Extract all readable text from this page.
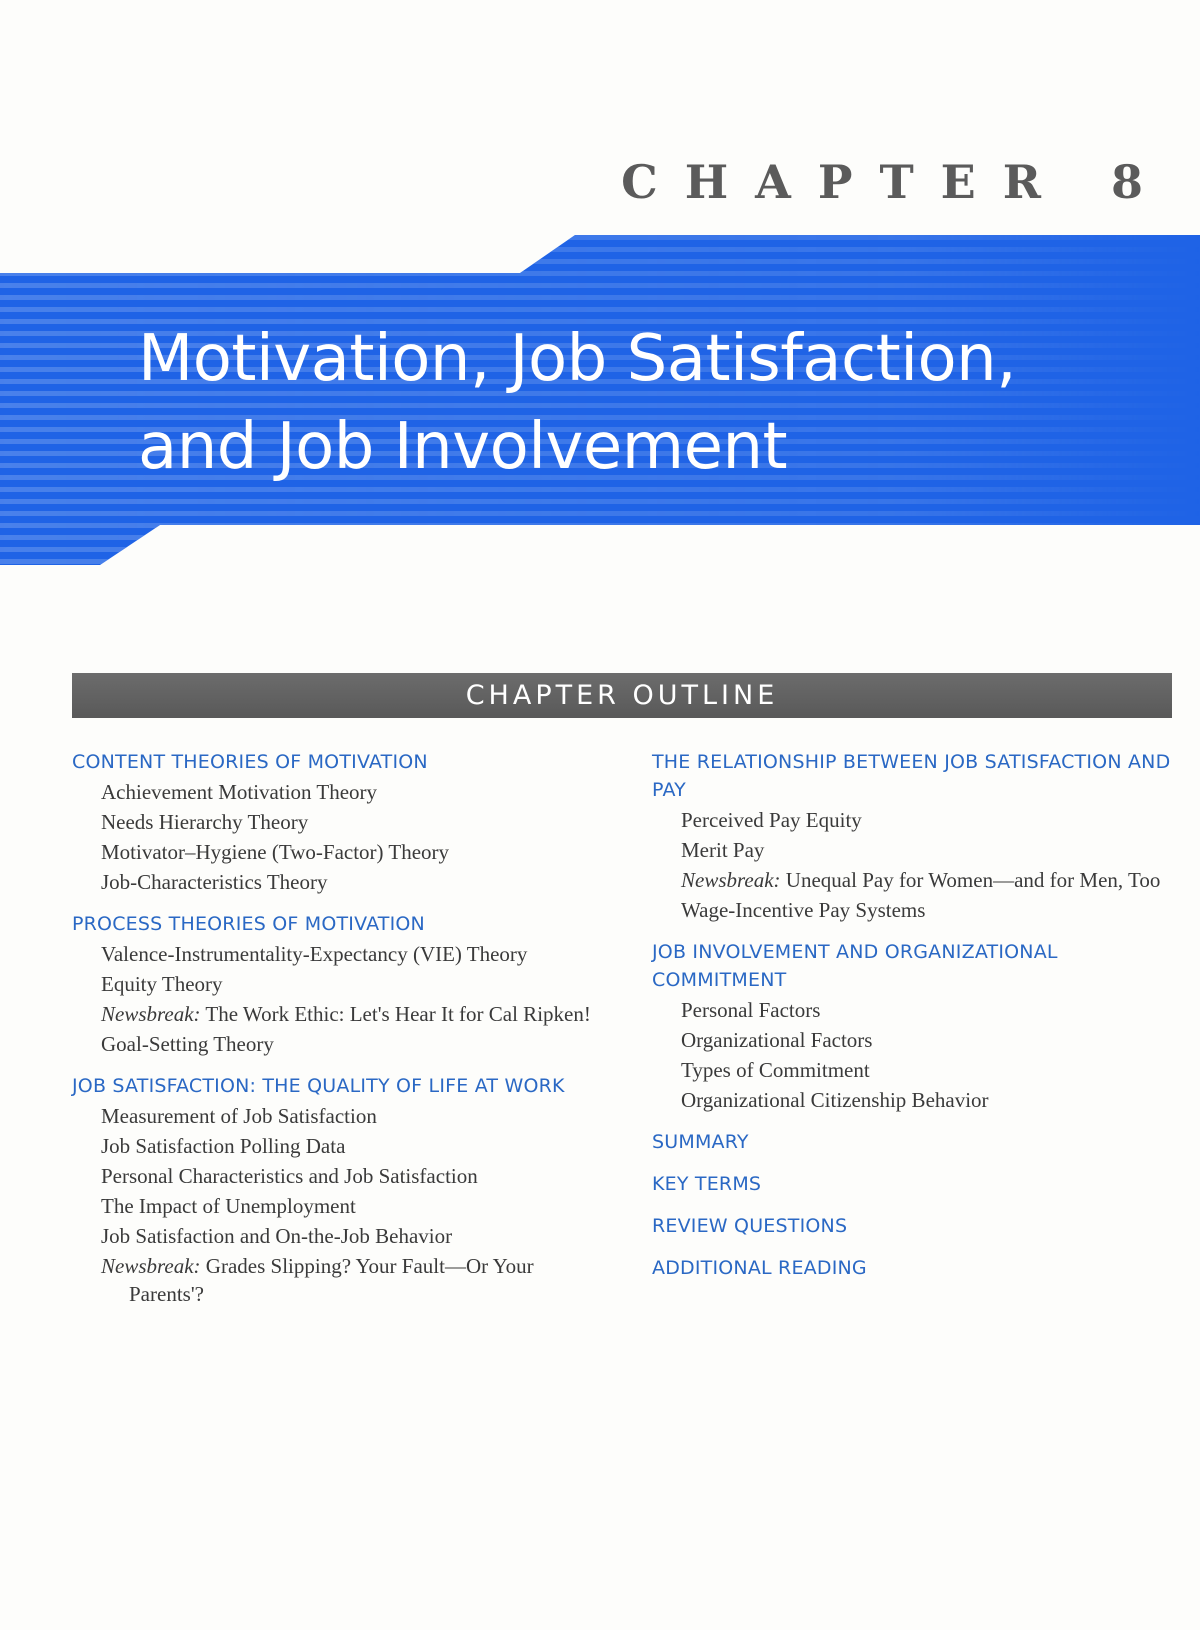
CHAPTER 8
Motivation, Job Satisfaction,
and Job Involvement
CHAPTER OUTLINE
CONTENT THEORIES OF MOTIVATION
Achievement Motivation Theory
Needs Hierarchy Theory
Motivator–Hygiene (Two-Factor) Theory
Job-Characteristics Theory
PROCESS THEORIES OF MOTIVATION
Valence-Instrumentality-Expectancy (VIE) Theory
Equity Theory
Newsbreak: The Work Ethic: Let's Hear It for Cal Ripken!
Goal-Setting Theory
JOB SATISFACTION: THE QUALITY OF LIFE AT WORK
Measurement of Job Satisfaction
Job Satisfaction Polling Data
Personal Characteristics and Job Satisfaction
The Impact of Unemployment
Job Satisfaction and On-the-Job Behavior
Newsbreak: Grades Slipping? Your Fault—Or Your Parents'?
THE RELATIONSHIP BETWEEN JOB SATISFACTION AND PAY
Perceived Pay Equity
Merit Pay
Newsbreak: Unequal Pay for Women—and for Men, Too
Wage-Incentive Pay Systems
JOB INVOLVEMENT AND ORGANIZATIONAL COMMITMENT
Personal Factors
Organizational Factors
Types of Commitment
Organizational Citizenship Behavior
SUMMARY
KEY TERMS
REVIEW QUESTIONS
ADDITIONAL READING
